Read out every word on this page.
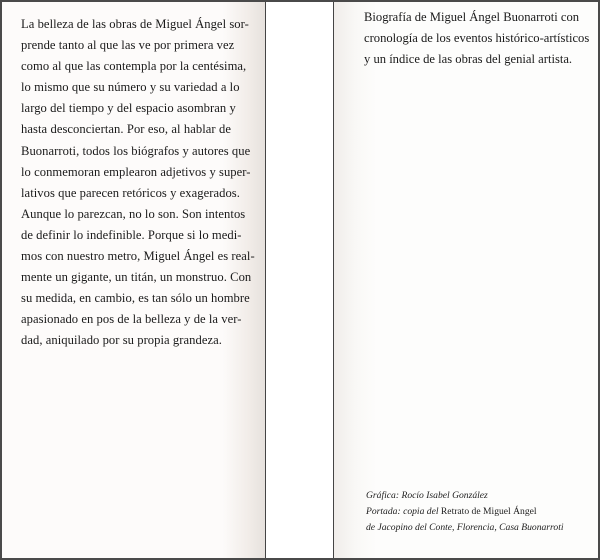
La belleza de las obras de Miguel Ángel sor-
prende tanto al que las ve por primera vez
como al que las contempla por la centésima,
lo mismo que su número y su variedad a lo
largo del tiempo y del espacio asombran y
hasta desconciertan. Por eso, al hablar de
Buonarroti, todos los biógrafos y autores que
lo conmemoran emplearon adjetivos y super-
lativos que parecen retóricos y exagerados.
Aunque lo parezcan, no lo son. Son intentos
de definir lo indefinible. Porque si lo medi-
mos con nuestro metro, Miguel Ángel es real-
mente un gigante, un titán, un monstruo. Con
su medida, en cambio, es tan sólo un hombre
apasionado en pos de la belleza y de la ver-
dad, aniquilado por su propia grandeza.
Biografía de Miguel Ángel Buonarroti con
cronología de los eventos histórico-artísticos
y un índice de las obras del genial artista.
Gráfica: Rocío Isabel González
Portada: copia del Retrato de Miguel Ángel
de Jacopino del Conte, Florencia, Casa Buonarroti
